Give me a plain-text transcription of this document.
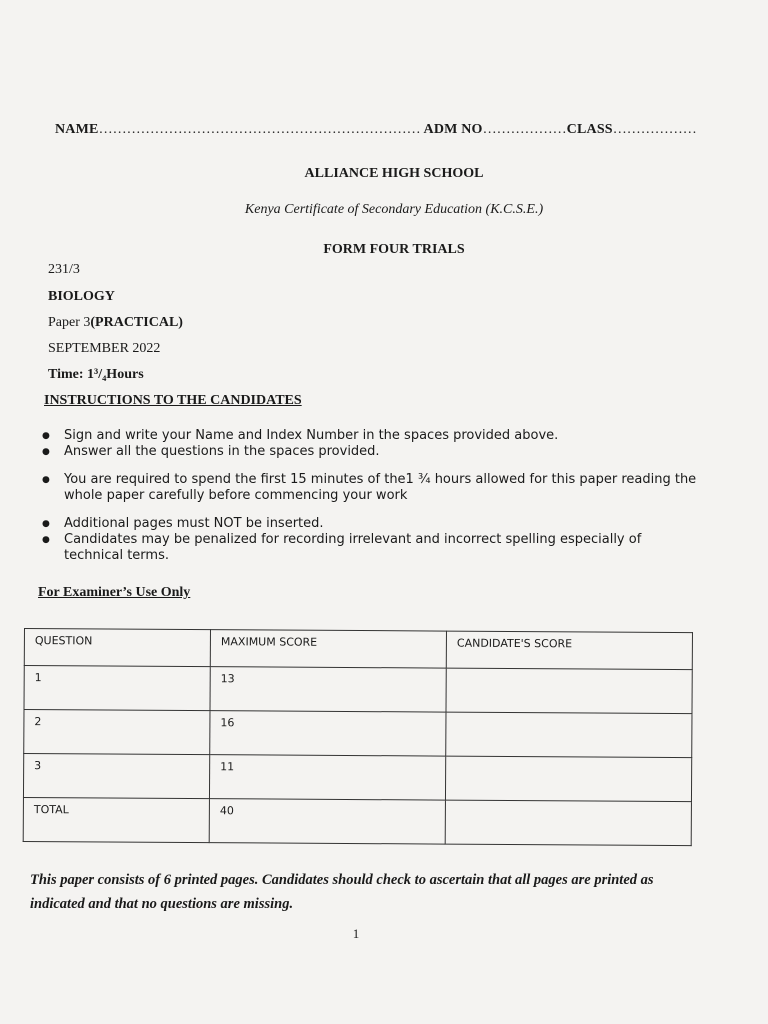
NAME…………………………………………………………… ADM NO………………CLASS………………
ALLIANCE HIGH SCHOOL
Kenya Certificate of Secondary Education (K.C.S.E.)
FORM FOUR TRIALS
231/3
BIOLOGY
Paper 3(PRACTICAL)
SEPTEMBER 2022
Time: 1³/₄Hours
INSTRUCTIONS TO THE CANDIDATES
● Sign and write your Name and Index Number in the spaces provided above.
● Answer all the questions in the spaces provided.
● You are required to spend the first 15 minutes of the1 ¾ hours allowed for this paper reading the whole paper carefully before commencing your work
● Additional pages must NOT be inserted.
● Candidates may be penalized for recording irrelevant and incorrect spelling especially of technical terms.
For Examiner’s Use Only
QUESTION	MAXIMUM SCORE	CANDIDATE'S SCORE
1	13	
2	16	
3	11	
TOTAL	40	
This paper consists of 6 printed pages. Candidates should check to ascertain that all pages are printed as indicated and that no questions are missing.
1
